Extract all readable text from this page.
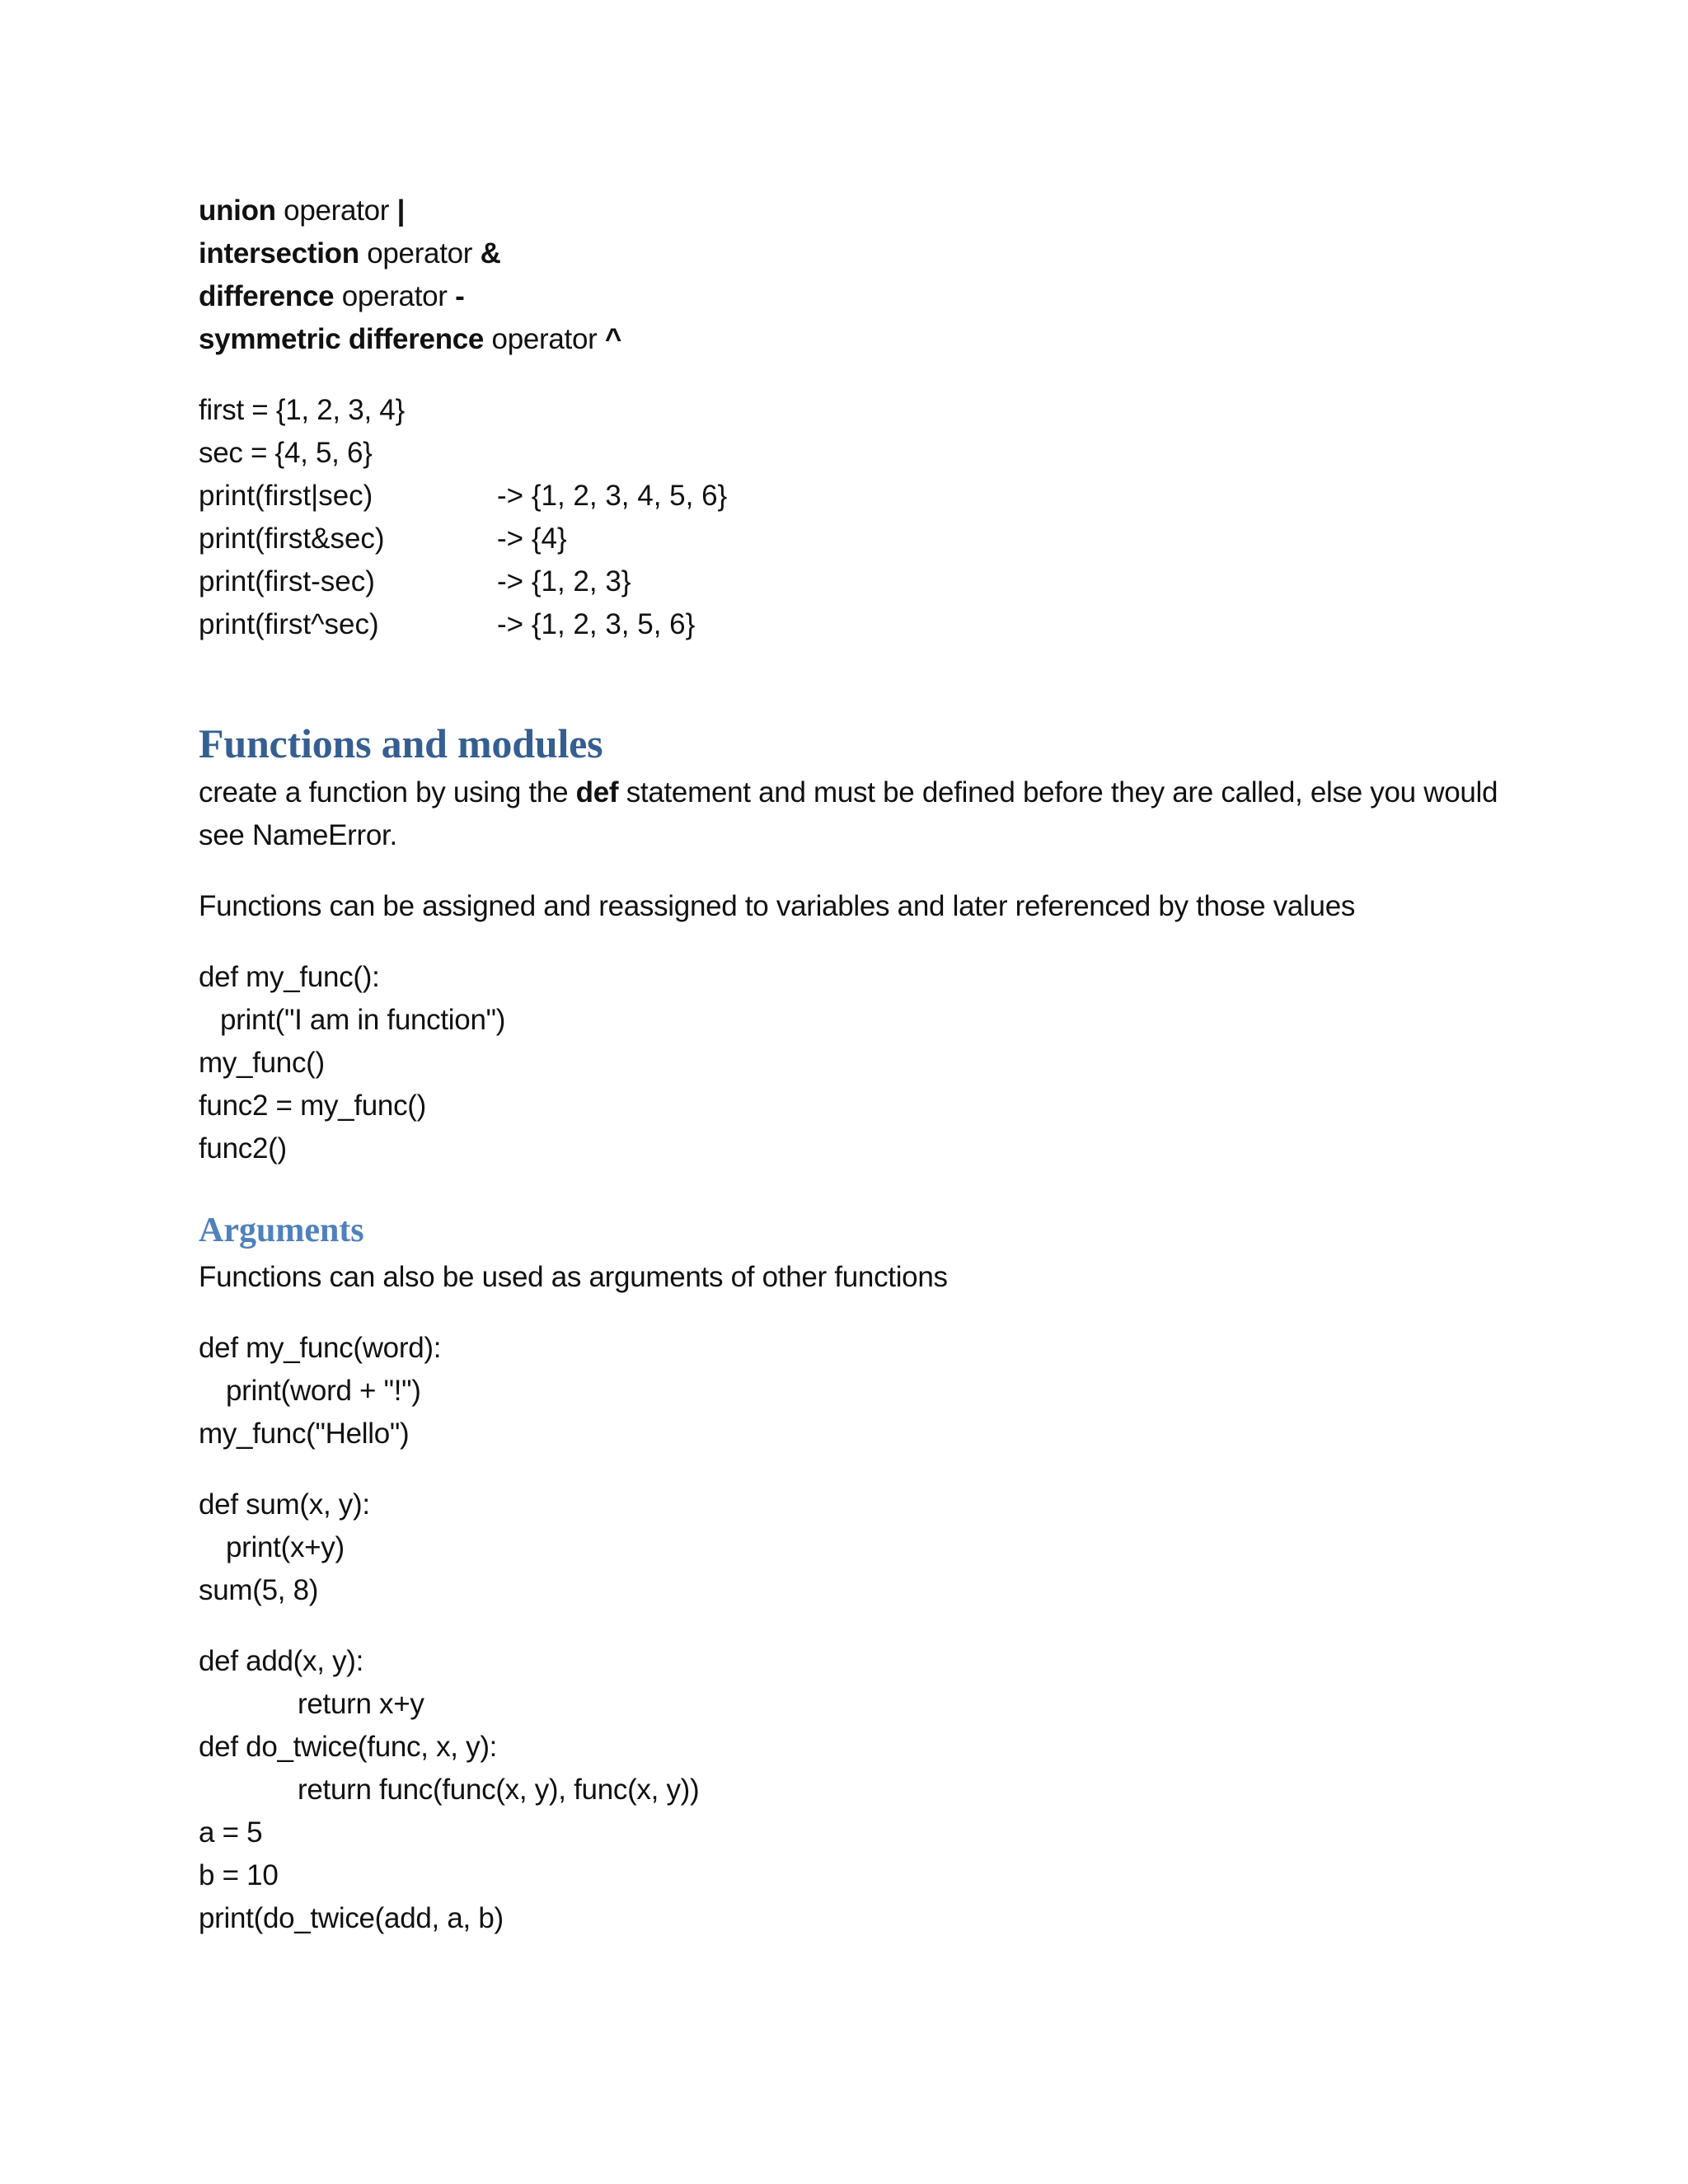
union operator |
intersection operator &
difference operator -
symmetric difference operator ^
first = {1, 2, 3, 4}
sec = {4, 5, 6}
print(first|sec)	-> {1, 2, 3, 4, 5, 6}
print(first&sec)	-> {4}
print(first-sec)	-> {1, 2, 3}
print(first^sec)	-> {1, 2, 3, 5, 6}
Functions and modules
create a function by using the def statement and must be defined before they are called, else you would
see NameError.
Functions can be assigned and reassigned to variables and later referenced by those values
def my_func():
print("I am in function")
my_func()
func2 = my_func()
func2()
Arguments
Functions can also be used as arguments of other functions
def my_func(word):
print(word + "!")
my_func("Hello")
def sum(x, y):
print(x+y)
sum(5, 8)
def add(x, y):
return x+y
def do_twice(func, x, y):
return func(func(x, y), func(x, y))
a = 5
b = 10
print(do_twice(add, a, b)
